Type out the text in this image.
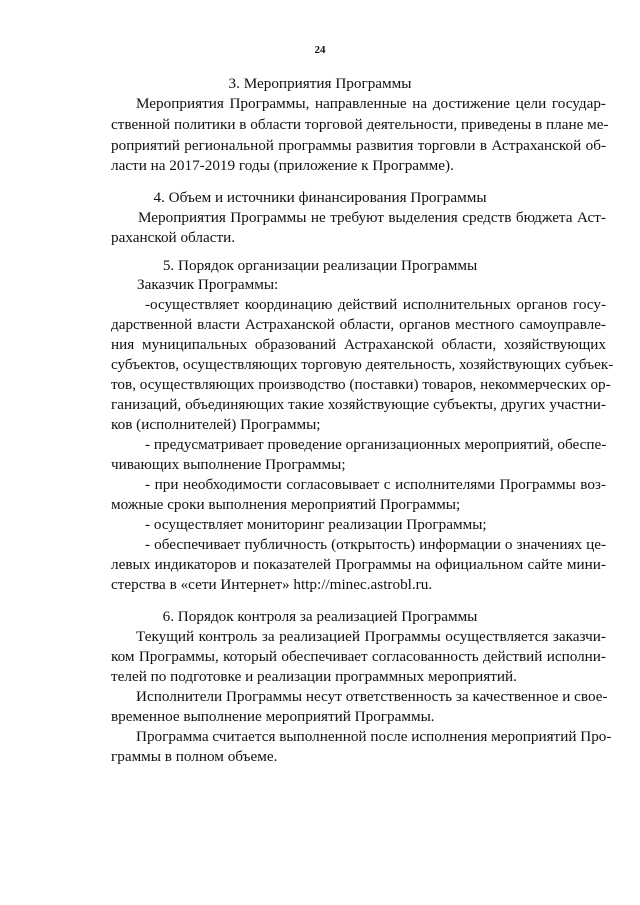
24
3. Мероприятия Программы
Мероприятия Программы, направленные на достижение цели государ-
ственной политики в области торговой деятельности, приведены в плане ме-
роприятий региональной программы развития торговли в Астраханской об-
ласти на 2017-2019 годы (приложение к Программе).
4. Объем и источники финансирования Программы
Мероприятия Программы не требуют выделения средств бюджета Аст-
раханской области.
5. Порядок организации реализации Программы
Заказчик Программы:
-осуществляет координацию действий исполнительных органов госу-
дарственной власти Астраханской области, органов местного самоуправле-
ния муниципальных образований Астраханской области, хозяйствующих
субъектов, осуществляющих торговую деятельность, хозяйствующих субъек-
тов, осуществляющих производство (поставки) товаров, некоммерческих ор-
ганизаций, объединяющих такие хозяйствующие субъекты, других участни-
ков (исполнителей) Программы;
- предусматривает проведение организационных мероприятий, обеспе-
чивающих выполнение Программы;
- при необходимости согласовывает с исполнителями Программы воз-
можные сроки выполнения мероприятий Программы;
- осуществляет мониторинг реализации Программы;
- обеспечивает публичность (открытость) информации о значениях це-
левых индикаторов и показателей Программы на официальном сайте мини-
стерства в «сети Интернет» http://minec.astrobl.ru.
6. Порядок контроля за реализацией Программы
Текущий контроль за реализацией Программы осуществляется заказчи-
ком Программы, который обеспечивает согласованность действий исполни-
телей по подготовке и реализации программных мероприятий.
Исполнители Программы несут ответственность за качественное и свое-
временное выполнение мероприятий Программы.
Программа считается выполненной после исполнения мероприятий Про-
граммы в полном объеме.
